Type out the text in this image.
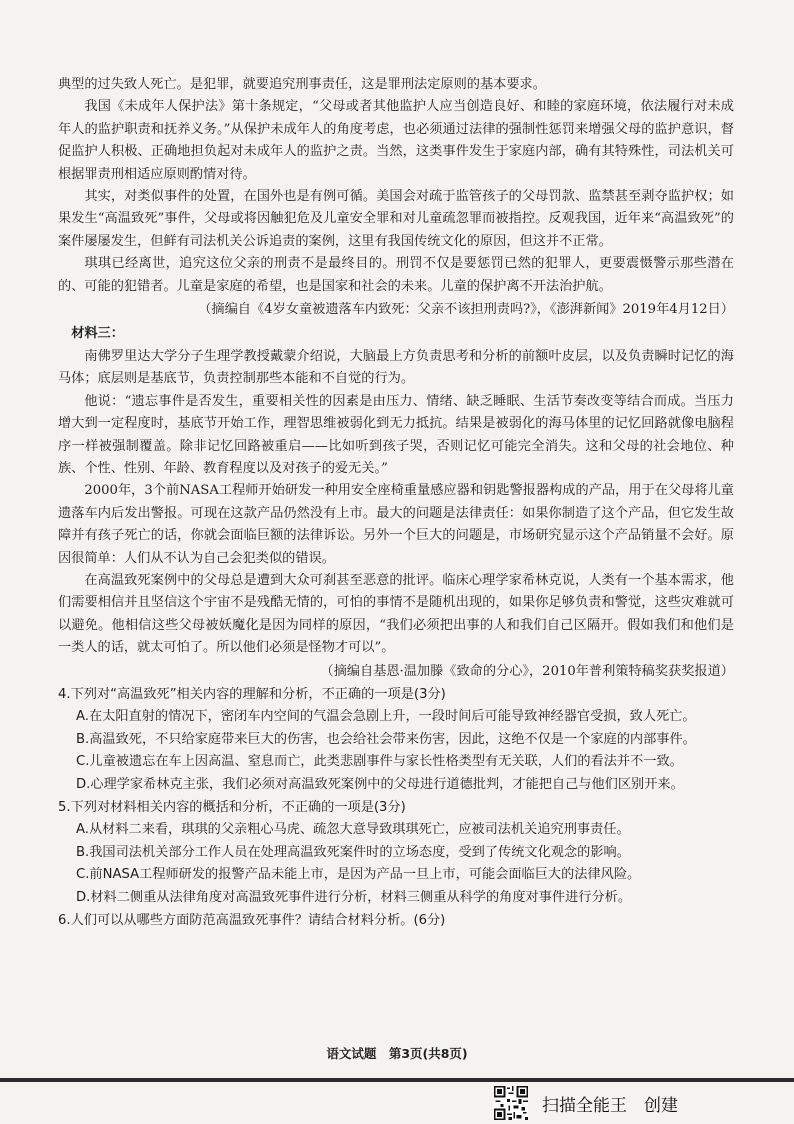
典型的过失致人死亡。是犯罪，就要追究刑事责任，这是罪刑法定原则的基本要求。

我国《未成年人保护法》第十条规定，“父母或者其他监护人应当创造良好、和睦的家庭环境，依法履行对未成年人的监护职责和抚养义务。”从保护未成年人的角度考虑，也必须通过法律的强制性惩罚来增强父母的监护意识，督促监护人积极、正确地担负起对未成年人的监护之责。当然，这类事件发生于家庭内部，确有其特殊性，司法机关可根据罪责刑相适应原则酌情对待。

其实，对类似事件的处置，在国外也是有例可循。美国会对疏于监管孩子的父母罚款、监禁甚至剥夺监护权；如果发生“高温致死”事件，父母或将因触犯危及儿童安全罪和对儿童疏忽罪而被指控。反观我国，近年来“高温致死”的案件屡屡发生，但鲜有司法机关公诉追责的案例，这里有我国传统文化的原因，但这并不正常。

琪琪已经离世，追究这位父亲的刑责不是最终目的。刑罚不仅是要惩罚已然的犯罪人，更要震慑警示那些潜在的、可能的犯错者。儿童是家庭的希望，也是国家和社会的未来。儿童的保护离不开法治护航。

（摘编自《4岁女童被遗落车内致死：父亲不该担刑责吗?》，《澎湃新闻》2019年4月12日）

材料三：

南佛罗里达大学分子生理学教授戴蒙介绍说，大脑最上方负责思考和分析的前额叶皮层，以及负责瞬时记忆的海马体；底层则是基底节，负责控制那些本能和不自觉的行为。

他说：“遗忘事件是否发生，重要相关性的因素是由压力、情绪、缺乏睡眠、生活节奏改变等结合而成。当压力增大到一定程度时，基底节开始工作，理智思维被弱化到无力抵抗。结果是被弱化的海马体里的记忆回路就像电脑程序一样被强制覆盖。除非记忆回路被重启——比如听到孩子哭，否则记忆可能完全消失。这和父母的社会地位、种族、个性、性别、年龄、教育程度以及对孩子的爱无关。”

2000年，3个前NASA工程师开始研发一种用安全座椅重量感应器和钥匙警报器构成的产品，用于在父母将儿童遗落车内后发出警报。可现在这款产品仍然没有上市。最大的问题是法律责任：如果你制造了这个产品，但它发生故障并有孩子死亡的话，你就会面临巨额的法律诉讼。另外一个巨大的问题是，市场研究显示这个产品销量不会好。原因很简单：人们从不认为自己会犯类似的错误。

在高温致死案例中的父母总是遭到大众可刹甚至恶意的批评。临床心理学家希林克说，人类有一个基本需求，他们需要相信并且坚信这个宇宙不是残酷无情的，可怕的事情不是随机出现的，如果你足够负责和警觉，这些灾难就可以避免。他相信这些父母被妖魔化是因为同样的原因，“我们必须把出事的人和我们自己区隔开。假如我们和他们是一类人的话，就太可怕了。所以他们必须是怪物才可以”。

（摘编自基恩·温加滕《致命的分心》，2010年普利策特稿奖获奖报道）

4.下列对“高温致死”相关内容的理解和分析，不正确的一项是(3分)

A.在太阳直射的情况下，密闭车内空间的气温会急剧上升，一段时间后可能导致神经器官受损，致人死亡。

B.高温致死，不只给家庭带来巨大的伤害，也会给社会带来伤害，因此，这绝不仅是一个家庭的内部事件。

C.儿童被遗忘在车上因高温、窒息而亡，此类悲剧事件与家长性格类型有无关联，人们的看法并不一致。

D.心理学家希林克主张，我们必须对高温致死案例中的父母进行道德批判，才能把自己与他们区别开来。

5.下列对材料相关内容的概括和分析，不正确的一项是(3分)

A.从材料二来看，琪琪的父亲粗心马虎、疏忽大意导致琪琪死亡，应被司法机关追究刑事责任。

B.我国司法机关部分工作人员在处理高温致死案件时的立场态度，受到了传统文化观念的影响。

C.前NASA工程师研发的报警产品未能上市，是因为产品一旦上市，可能会面临巨大的法律风险。

D.材料二侧重从法律角度对高温致死事件进行分析，材料三侧重从科学的角度对事件进行分析。

6.人们可以从哪些方面防范高温致死事件？请结合材料分析。(6分)

语文试题　第3页(共8页)
扫描全能王　创建
